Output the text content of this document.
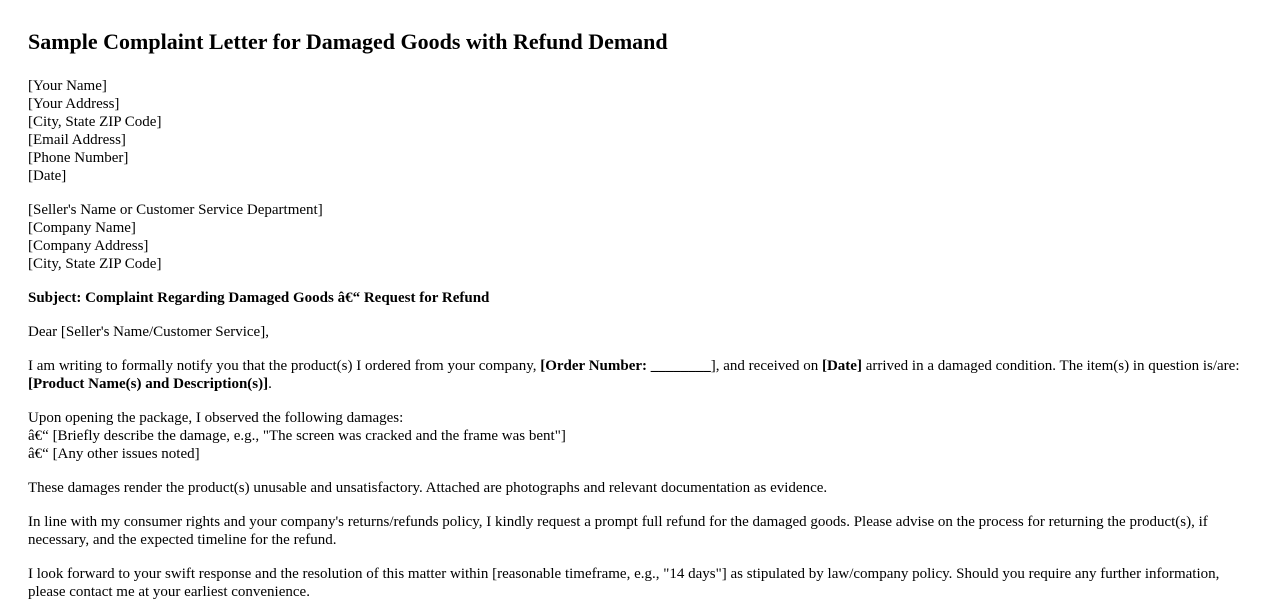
Sample Complaint Letter for Damaged Goods with Refund Demand
[Your Name]
[Your Address]
[City, State ZIP Code]
[Email Address]
[Phone Number]
[Date]
[Seller's Name or Customer Service Department]
[Company Name]
[Company Address]
[City, State ZIP Code]

Subject: Complaint Regarding Damaged Goods â€“ Request for Refund

Dear [Seller's Name/Customer Service],

I am writing to formally notify you that the product(s) I ordered from your company, [Order Number: ________], and received on [Date] arrived in a damaged condition. The item(s) in question is/are: [Product Name(s) and Description(s)].

Upon opening the package, I observed the following damages:
â€“ [Briefly describe the damage, e.g., "The screen was cracked and the frame was bent"]
â€“ [Any other issues noted]

These damages render the product(s) unusable and unsatisfactory. Attached are photographs and relevant documentation as evidence.

In line with my consumer rights and your company's returns/refunds policy, I kindly request a prompt full refund for the damaged goods. Please advise on the process for returning the product(s), if necessary, and the expected timeline for the refund.

I look forward to your swift response and the resolution of this matter within [reasonable timeframe, e.g., "14 days"] as stipulated by law/company policy. Should you require any further information, please contact me at your earliest convenience.
